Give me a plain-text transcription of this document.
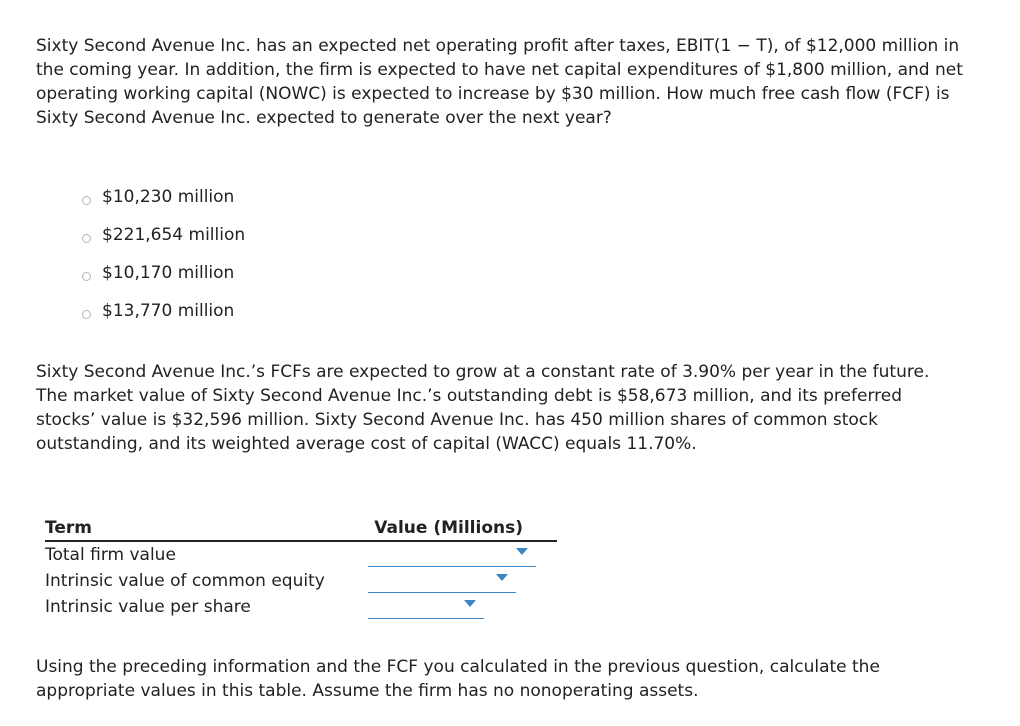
Sixty Second Avenue Inc. has an expected net operating profit after taxes, EBIT(1 − T), of $12,000 million in the coming year. In addition, the firm is expected to have net capital expenditures of $1,800 million, and net operating working capital (NOWC) is expected to increase by $30 million. How much free cash flow (FCF) is Sixty Second Avenue Inc. expected to generate over the next year?

$10,230 million
$221,654 million
$10,170 million
$13,770 million

Sixty Second Avenue Inc.’s FCFs are expected to grow at a constant rate of 3.90% per year in the future. The market value of Sixty Second Avenue Inc.’s outstanding debt is $58,673 million, and its preferred stocks’ value is $32,596 million. Sixty Second Avenue Inc. has 450 million shares of common stock outstanding, and its weighted average cost of capital (WACC) equals 11.70%.

Term	Value (Millions)
Total firm value
Intrinsic value of common equity
Intrinsic value per share

Using the preceding information and the FCF you calculated in the previous question, calculate the appropriate values in this table. Assume the firm has no nonoperating assets.
